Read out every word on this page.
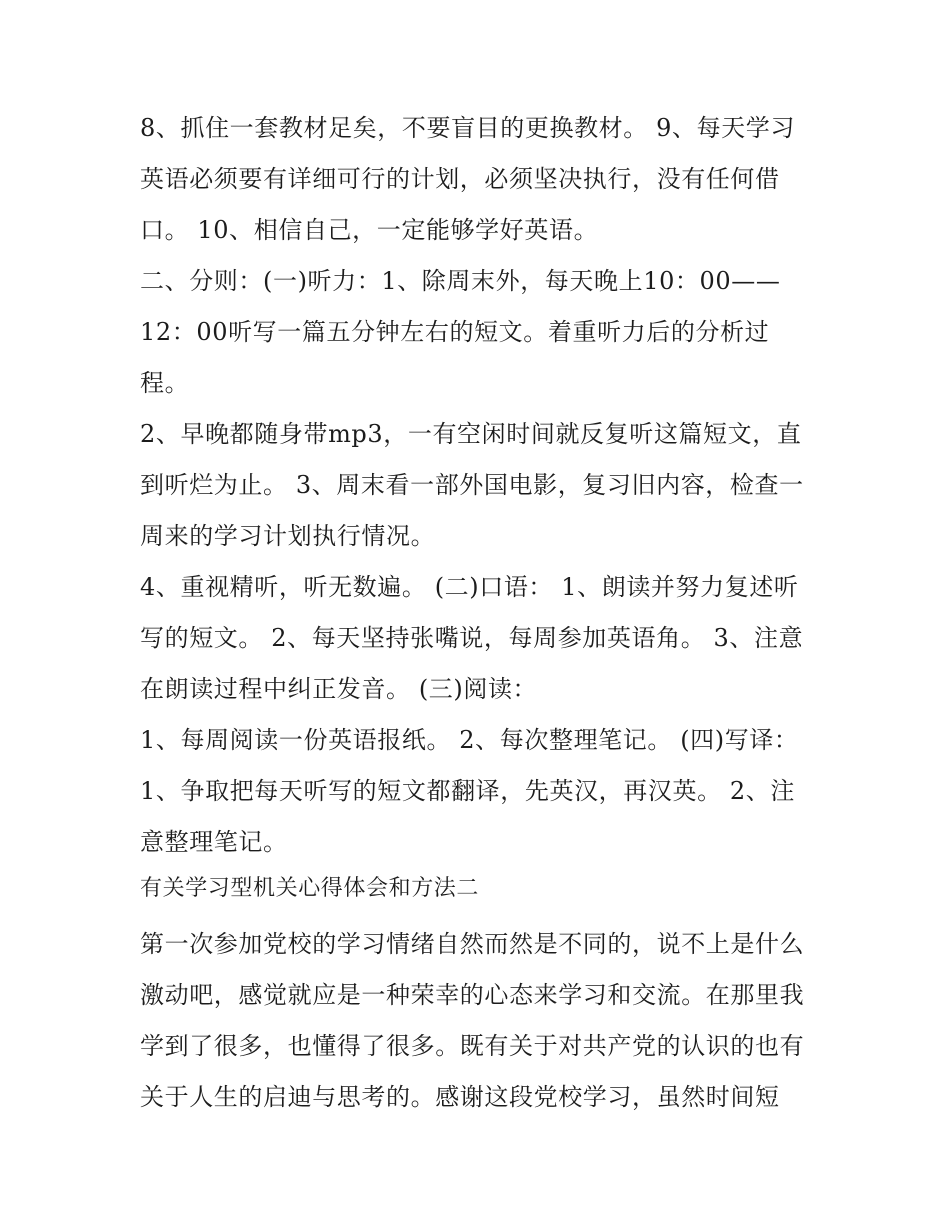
8、抓住一套教材足矣，不要盲目的更换教材。 9、每天学习
英语必须要有详细可行的计划，必须坚决执行，没有任何借
口。 10、相信自己，一定能够学好英语。
二、分则：(一)听力：1、除周末外，每天晚上10：00——
12：00听写一篇五分钟左右的短文。着重听力后的分析过
程。
2、早晚都随身带mp3，一有空闲时间就反复听这篇短文，直
到听烂为止。 3、周末看一部外国电影，复习旧内容，检查一
周来的学习计划执行情况。
4、重视精听，听无数遍。 (二)口语： 1、朗读并努力复述听
写的短文。 2、每天坚持张嘴说，每周参加英语角。 3、注意
在朗读过程中纠正发音。 (三)阅读：
1、每周阅读一份英语报纸。 2、每次整理笔记。 (四)写译：
1、争取把每天听写的短文都翻译，先英汉，再汉英。 2、注
意整理笔记。
有关学习型机关心得体会和方法二
第一次参加党校的学习情绪自然而然是不同的，说不上是什么
激动吧，感觉就应是一种荣幸的心态来学习和交流。在那里我
学到了很多，也懂得了很多。既有关于对共产党的认识的也有
关于人生的启迪与思考的。感谢这段党校学习，虽然时间短
